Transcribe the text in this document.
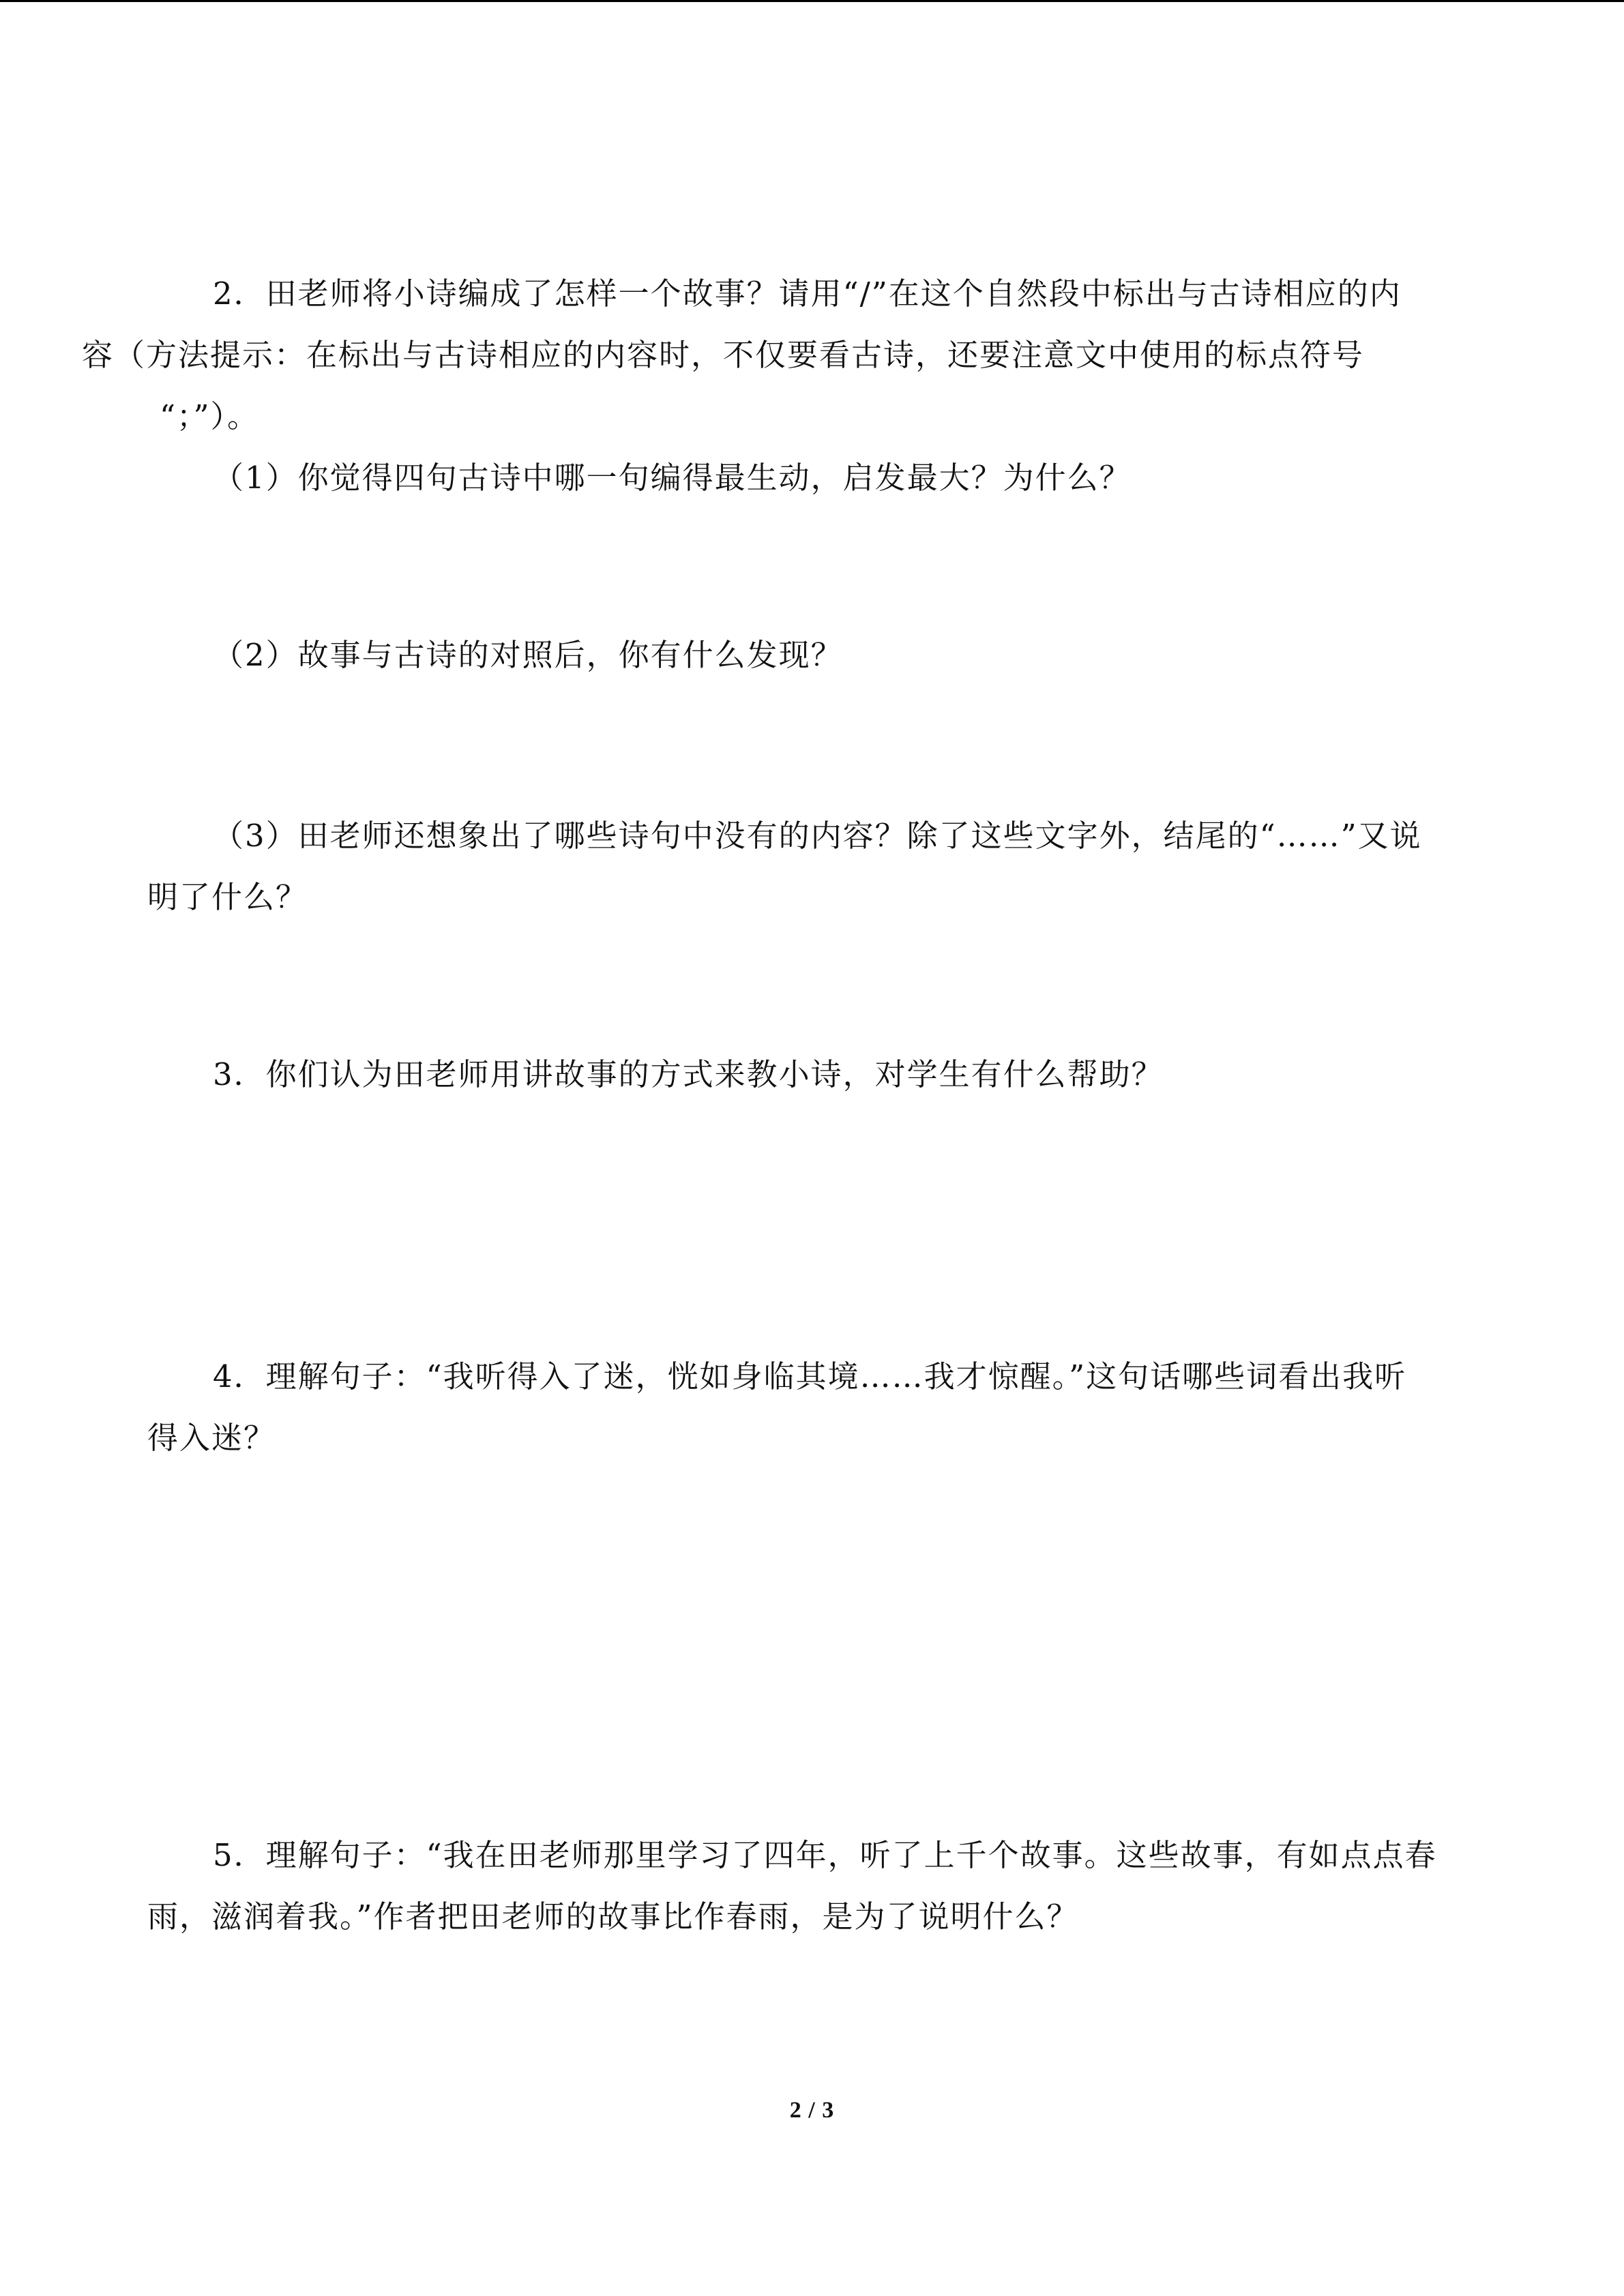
2．田老师将小诗编成了怎样一个故事？请用“/”在这个自然段中标出与古诗相应的内
容（方法提示：在标出与古诗相应的内容时，不仅要看古诗，还要注意文中使用的标点符号
“；”）。
（1）你觉得四句古诗中哪一句编得最生动，启发最大？为什么？
（2）故事与古诗的对照后，你有什么发现？
（3）田老师还想象出了哪些诗句中没有的内容？除了这些文字外，结尾的“……”又说
明了什么？
3．你们认为田老师用讲故事的方式来教小诗，对学生有什么帮助？
4．理解句子：“我听得入了迷，恍如身临其境……我才惊醒。”这句话哪些词看出我听
得入迷？
5．理解句子：“我在田老师那里学习了四年，听了上千个故事。这些故事，有如点点春
雨，滋润着我。”作者把田老师的故事比作春雨，是为了说明什么？
2 / 3
